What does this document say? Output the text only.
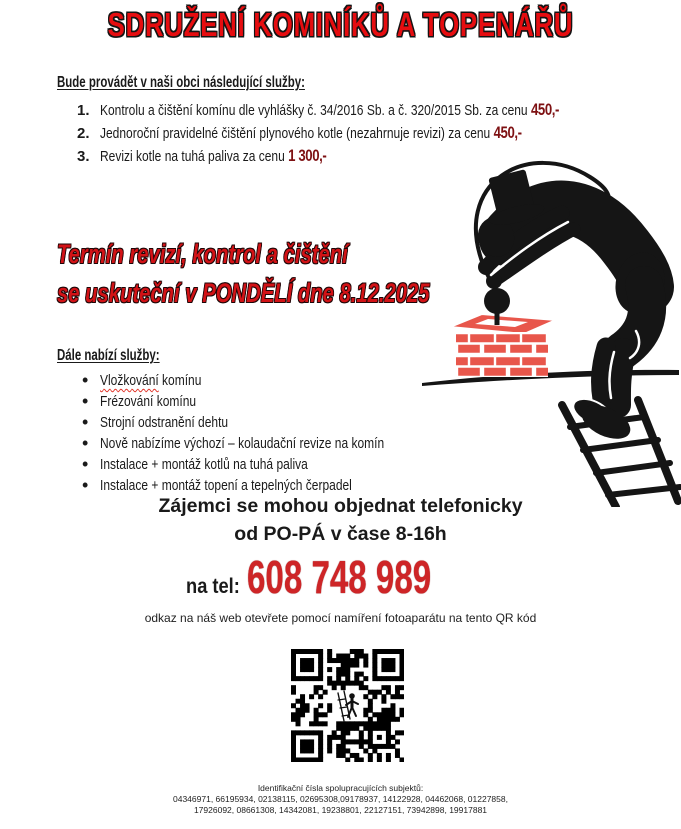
SDRUŽENÍ KOMINÍKŮ A TOPENÁŘŮ
Bude provádět v naši obci následující služby:
1. Kontrolu a čištění komínu dle vyhlášky č. 34/2016 Sb. a č. 320/2015 Sb. za cenu 450,-
2. Jednoroční pravidelné čištění plynového kotle (nezahrnuje revizi) za cenu 450,-
3. Revizi kotle na tuhá paliva za cenu 1 300,-
Termín revizí, kontrol a čištění
se uskuteční v PONDĚLÍ dne 8.12.2025
Dále nabízí služby:
• Vložkování komínu
• Frézování komínu
• Strojní odstranění dehtu
• Nově nabízíme výchozí – kolaudační revize na komín
• Instalace + montáž kotlů na tuhá paliva
• Instalace + montáž topení a tepelných čerpadel
Zájemci se mohou objednat telefonicky
od PO-PÁ v čase 8-16h
na tel: 608 748 989
odkaz na náš web otevřete pomocí namíření fotoaparátu na tento QR kód
Identifikační čísla spolupracujících subjektů:
04346971, 66195934, 02138115, 02695308,09178937, 14122928, 04462068, 01227858,
17926092, 08661308, 14342081, 19238801, 22127151, 73942898, 19917881
